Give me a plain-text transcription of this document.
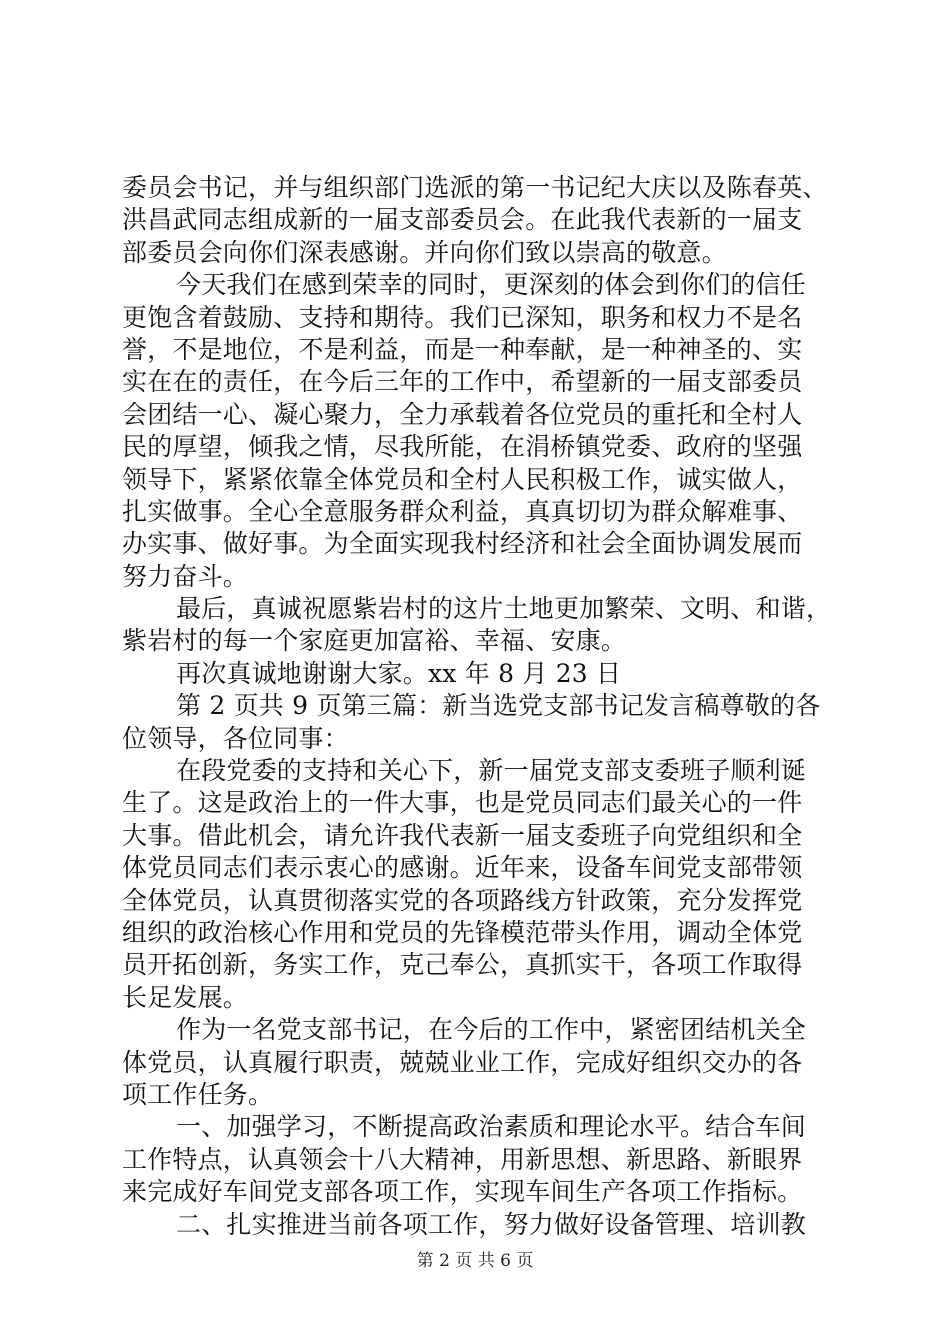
委员会书记，并与组织部门选派的第一书记纪大庆以及陈春英、
洪昌武同志组成新的一届支部委员会。在此我代表新的一届支
部委员会向你们深表感谢。并向你们致以崇高的敬意。
今天我们在感到荣幸的同时，更深刻的体会到你们的信任
更饱含着鼓励、支持和期待。我们已深知，职务和权力不是名
誉，不是地位，不是利益，而是一种奉献，是一种神圣的、实
实在在的责任，在今后三年的工作中，希望新的一届支部委员
会团结一心、凝心聚力，全力承载着各位党员的重托和全村人
民的厚望，倾我之情，尽我所能，在涓桥镇党委、政府的坚强
领导下，紧紧依靠全体党员和全村人民积极工作，诚实做人，
扎实做事。全心全意服务群众利益，真真切切为群众解难事、
办实事、做好事。为全面实现我村经济和社会全面协调发展而
努力奋斗。
最后，真诚祝愿紫岩村的这片土地更加繁荣、文明、和谐，
紫岩村的每一个家庭更加富裕、幸福、安康。
再次真诚地谢谢大家。xx 年 8 月 23 日
第 2 页共 9 页第三篇：新当选党支部书记发言稿尊敬的各
位领导，各位同事：
在段党委的支持和关心下，新一届党支部支委班子顺利诞
生了。这是政治上的一件大事，也是党员同志们最关心的一件
大事。借此机会，请允许我代表新一届支委班子向党组织和全
体党员同志们表示衷心的感谢。近年来，设备车间党支部带领
全体党员，认真贯彻落实党的各项路线方针政策，充分发挥党
组织的政治核心作用和党员的先锋模范带头作用，调动全体党
员开拓创新，务实工作，克己奉公，真抓实干，各项工作取得
长足发展。
作为一名党支部书记，在今后的工作中，紧密团结机关全
体党员，认真履行职责，兢兢业业工作，完成好组织交办的各
项工作任务。
一、加强学习，不断提高政治素质和理论水平。结合车间
工作特点，认真领会十八大精神，用新思想、新思路、新眼界
来完成好车间党支部各项工作，实现车间生产各项工作指标。
二、扎实推进当前各项工作，努力做好设备管理、培训教
第 2 页 共 6 页
